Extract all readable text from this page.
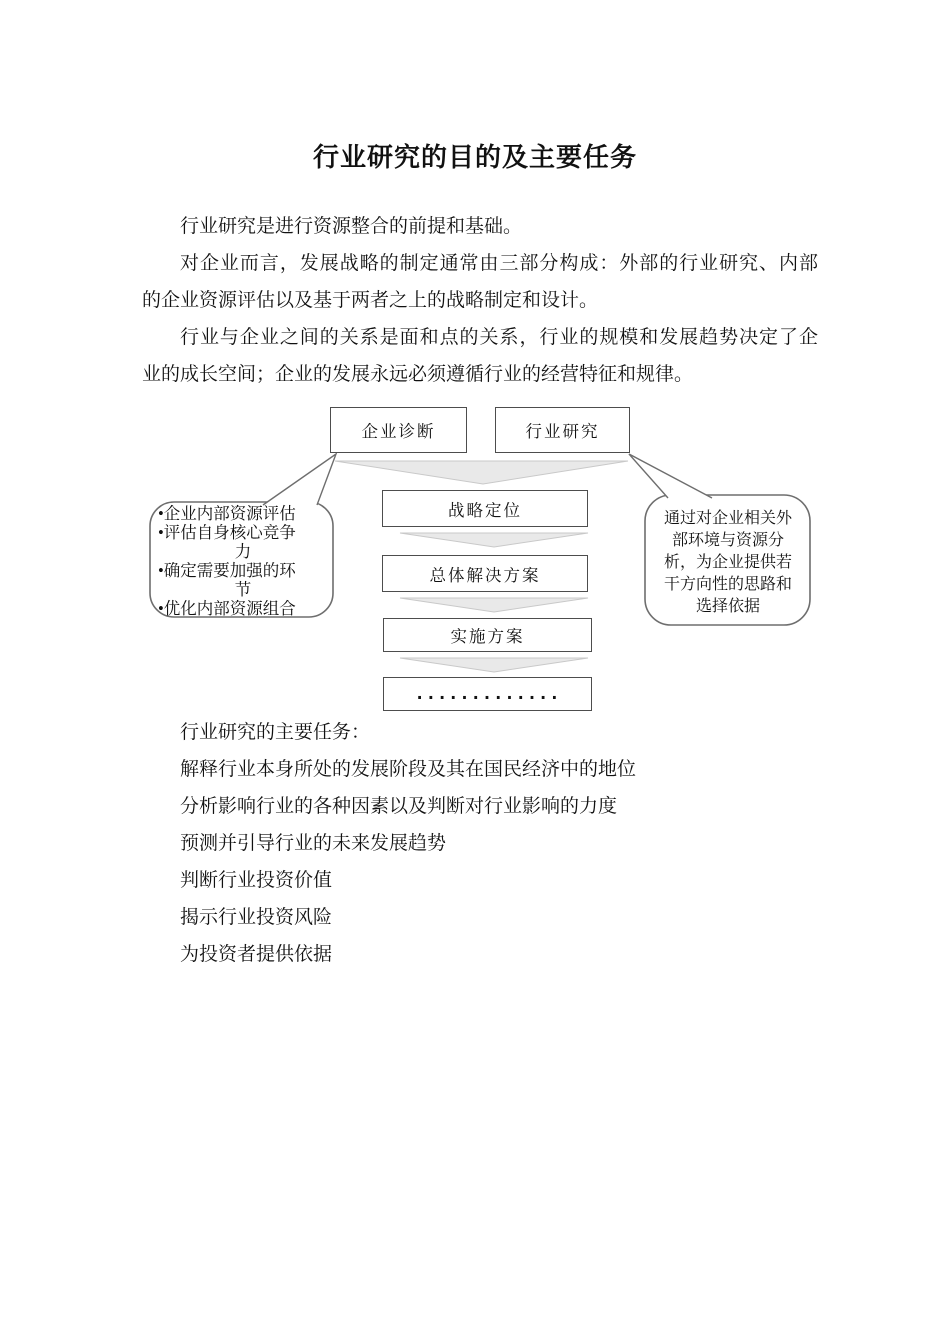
行业研究的目的及主要任务

行业研究是进行资源整合的前提和基础。

对企业而言，发展战略的制定通常由三部分构成：外部的行业研究、内部

的企业资源评估以及基于两者之上的战略制定和设计。

行业与企业之间的关系是面和点的关系，行业的规模和发展趋势决定了企

业的成长空间；企业的发展永远必须遵循行业的经营特征和规律。

企业诊断	行业研究
战略定位
总体解决方案
实施方案
.............
•企业内部资源评估
•评估自身核心竞争
力
•确定需要加强的环
节
•优化内部资源组合
通过对企业相关外
部环境与资源分
析，为企业提供若
干方向性的思路和
选择依据

行业研究的主要任务：

解释行业本身所处的发展阶段及其在国民经济中的地位

分析影响行业的各种因素以及判断对行业影响的力度

预测并引导行业的未来发展趋势

判断行业投资价值

揭示行业投资风险

为投资者提供依据
